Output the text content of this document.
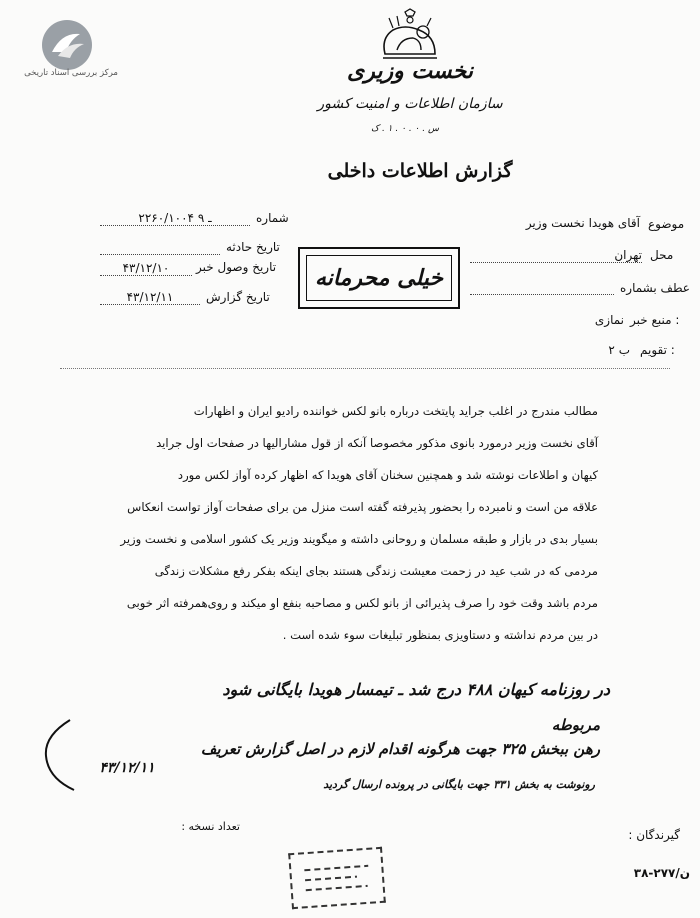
مرکز بررسی اسناد تاریخی	نخست وزیری
سازمان اطلاعات و امنیت کشور
س . ۰ . ۰ . ۱ . ک
گزارش اطلاعات داخلی
موضوع
آقای هویدا نخست وزیر
محل
تهران
عطف بشماره
منبع خبر :
نمازی
تقویم :
ب ۲
شماره
۲۲۶۰/۱۰۰۴ ـ ۹
تاریخ حادثه
تاریخ وصول خبر
۴۳/۱۲/۱۰
تاریخ گزارش
۴۳/۱۲/۱۱
خیلی محرمانه

مطالب مندرج در اغلب جراید پایتخت درباره بانو لکس خواننده رادیو ایران و اظهارات

آقای نخست وزیر درمورد بانوی مذکور مخصوصا آنکه از قول مشارالیها در صفحات اول جراید

کیهان و اطلاعات نوشته شد و همچنین سخنان آقای هویدا که اظهار کرده آواز لکس مورد

علاقه من است و نامبرده را بحضور پذیرفته گفته است منزل من برای صفحات آواز تواست انعکاس

بسیار بدی در بازار و طبقه مسلمان و روحانی داشته و میگویند وزیر یک کشور اسلامی و نخست وزیر

مردمی که در شب عید در زحمت معیشت زندگی هستند بجای اینکه بفکر رفع مشکلات زندگی

مردم باشد وقت خود را صرف پذیرائی از بانو لکس و مصاحبه بنفع او میکند و روی‌همرفته اثر خوبی

در بین مردم نداشته و دستاویزی بمنظور تبلیغات سوء شده است .

در روزنامه کیهان ۴۸۸ درج شد ـ تیمسار هویدا بایگانی شود
مربوطه
رهن ببخش ۳۲۵ جهت هرگونه اقدام لازم در اصل گزارش تعریف
رونوشت به بخش ۳۳۱ جهت بایگانی در پرونده ارسال گردید
۴۳/۱۲/۱۱
تعداد نسخه :
گیرندگان :
۳۸-۲۷۷/ن
